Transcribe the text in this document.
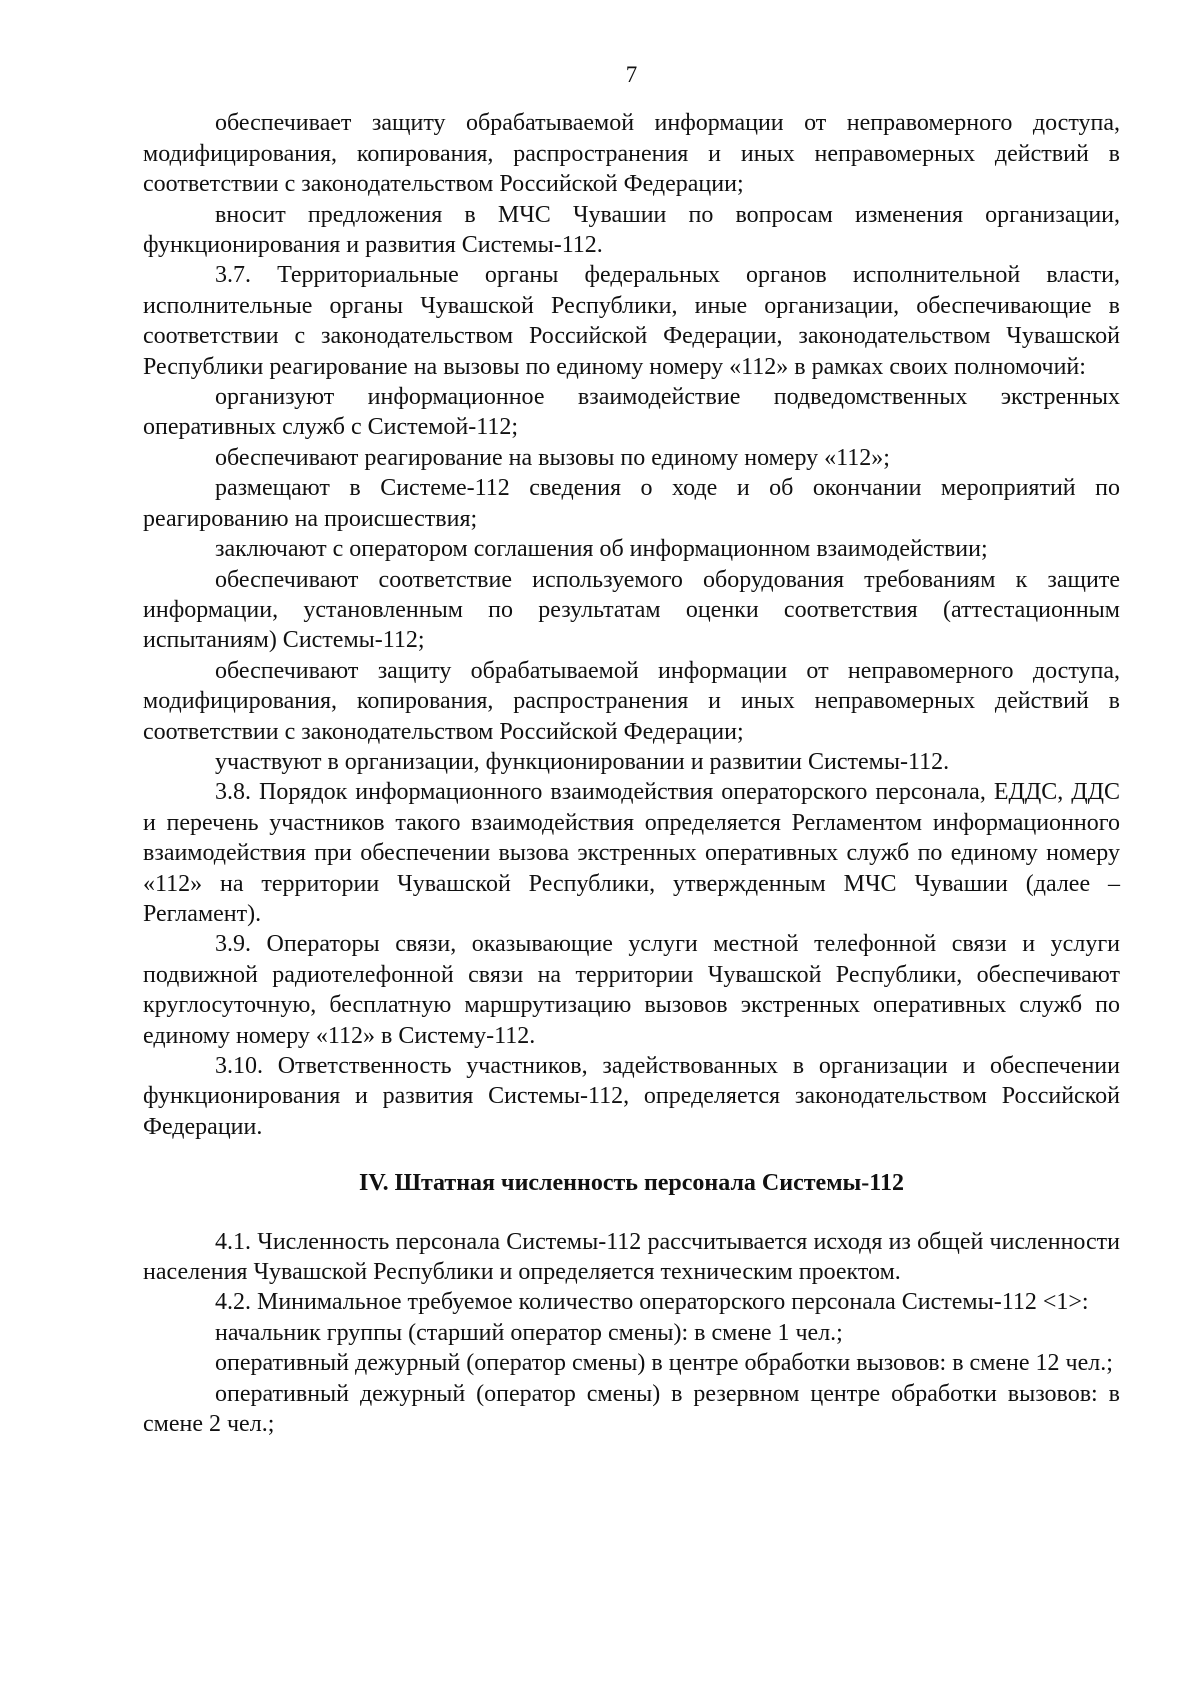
7

обеспечивает защиту обрабатываемой информации от неправомерного доступа, модифицирования, копирования, распространения и иных неправомерных действий в соответствии с законодательством Российской Федерации;

вносит предложения в МЧС Чувашии по вопросам изменения организации, функционирования и развития Системы-112.

3.7. Территориальные органы федеральных органов исполнительной власти, исполнительные органы Чувашской Республики, иные организации, обеспечивающие в соответствии с законодательством Российской Федерации, законодательством Чувашской Республики реагирование на вызовы по единому номеру «112» в рамках своих полномочий:

организуют информационное взаимодействие подведомственных экстренных оперативных служб с Системой-112;

обеспечивают реагирование на вызовы по единому номеру «112»;

размещают в Системе-112 сведения о ходе и об окончании мероприятий по реагированию на происшествия;

заключают с оператором соглашения об информационном взаимодействии;

обеспечивают соответствие используемого оборудования требованиям к защите информации, установленным по результатам оценки соответствия (аттестационным испытаниям) Системы-112;

обеспечивают защиту обрабатываемой информации от неправомерного доступа, модифицирования, копирования, распространения и иных неправомерных действий в соответствии с законодательством Российской Федерации;

участвуют в организации, функционировании и развитии Системы-112.

3.8. Порядок информационного взаимодействия операторского персонала, ЕДДС, ДДС и перечень участников такого взаимодействия определяется Регламентом информационного взаимодействия при обеспечении вызова экстренных оперативных служб по единому номеру «112» на территории Чувашской Республики, утвержденным МЧС Чувашии (далее – Регламент).

3.9. Операторы связи, оказывающие услуги местной телефонной связи и услуги подвижной радиотелефонной связи на территории Чувашской Республики, обеспечивают круглосуточную, бесплатную маршрутизацию вызовов экстренных оперативных служб по единому номеру «112» в Систему-112.

3.10. Ответственность участников, задействованных в организации и обеспечении функционирования и развития Системы-112, определяется законодательством Российской Федерации.

IV. Штатная численность персонала Системы-112

4.1. Численность персонала Системы-112 рассчитывается исходя из общей численности населения Чувашской Республики и определяется техническим проектом.

4.2. Минимальное требуемое количество операторского персонала Системы-112 <1>:

начальник группы (старший оператор смены): в смене 1 чел.;

оперативный дежурный (оператор смены) в центре обработки вызовов: в смене 12 чел.;

оперативный дежурный (оператор смены) в резервном центре обработки вызовов: в смене 2 чел.;
